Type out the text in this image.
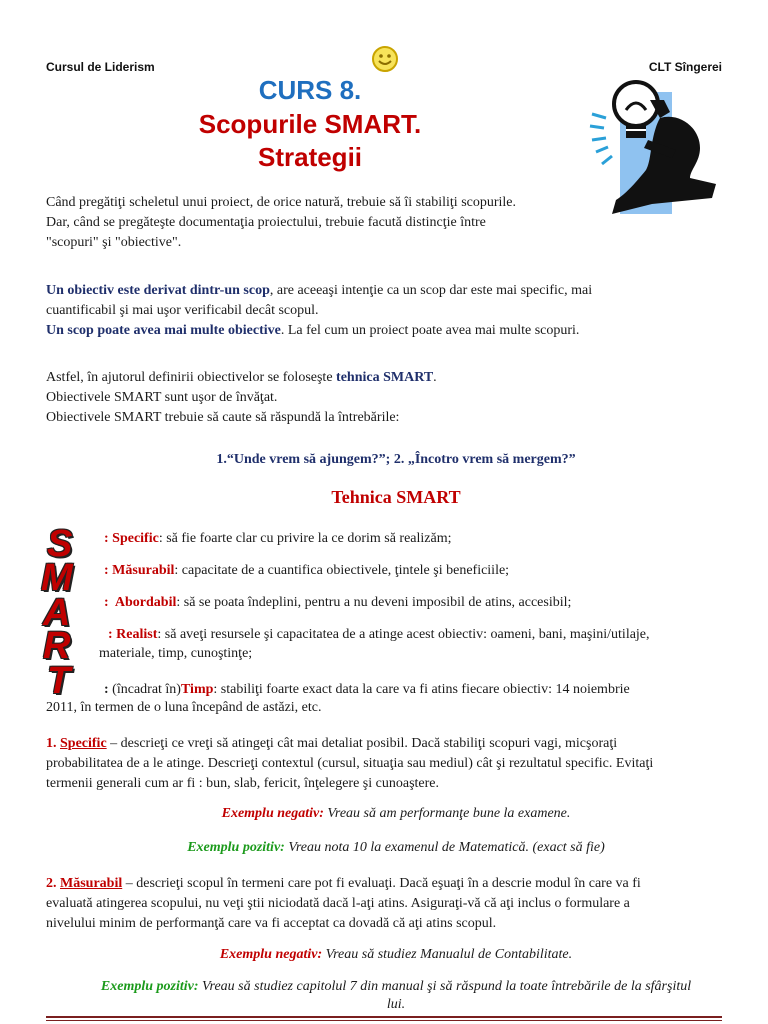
Cursul de Liderism	CLT Sîngerei
CURS 8.
Scopurile SMART.
Strategii
Când pregătiţi scheletul unui proiect, de orice natură, trebuie să îi stabiliţi scopurile.
Dar, când se pregăteşte documentaţia proiectului, trebuie facută distincţie între
"scopuri" şi "obiective".
Un obiectiv este derivat dintr-un scop, are aceeaşi intenţie ca un scop dar este mai specific, mai
cuantificabil şi mai uşor verificabil decât scopul.
Un scop poate avea mai multe obiective. La fel cum un proiect poate avea mai multe scopuri.
Astfel, în ajutorul definirii obiectivelor se foloseşte tehnica SMART.
Obiectivele SMART sunt uşor de învăţat.
Obiectivele SMART trebuie să caute să răspundă la întrebările:
1.“Unde vrem să ajungem?”; 2. „Încotro vrem să mergem?”
Tehnica SMART
S
M
A
R
T
: Specific: să fie foarte clar cu privire la ce dorim să realizăm;
: Măsurabil: capacitate de a cuantifica obiectivele, ţintele şi beneficiile;
:  Abordabil: să se poata îndeplini, pentru a nu deveni imposibil de atins, accesibil;
: Realist: să aveţi resursele şi capacitatea de a atinge acest obiectiv: oameni, bani, maşini/utilaje,
materiale, timp, cunoştinţe;
: (încadrat în)Timp: stabiliţi foarte exact data la care va fi atins fiecare obiectiv: 14 noiembrie
2011, în termen de o luna începând de astăzi, etc.
1. Specific – descrieţi ce vreţi să atingeţi cât mai detaliat posibil. Dacă stabiliţi scopuri vagi, micşoraţi
probabilitatea de a le atinge. Descrieţi contextul (cursul, situaţia sau mediul) cât şi rezultatul specific. Evitaţi
termenii generali cum ar fi : bun, slab, fericit, înţelegere şi cunoaştere.
Exemplu negativ: Vreau să am performanţe bune la examene.
Exemplu pozitiv: Vreau nota 10 la examenul de Matematică. (exact să fie)
2. Măsurabil – descrieţi scopul în termeni care pot fi evaluaţi. Dacă eşuaţi în a descrie modul în care va fi
evaluată atingerea scopului, nu veţi ştii niciodată dacă l-aţi atins. Asiguraţi-vă că aţi inclus o formulare a
nivelului minim de performanţă care va fi acceptat ca dovadă că aţi atins scopul.
Exemplu negativ: Vreau să studiez Manualul de Contabilitate.
Exemplu pozitiv: Vreau să studiez capitolul 7 din manual şi să răspund la toate întrebările de la sfârşitul
lui.
